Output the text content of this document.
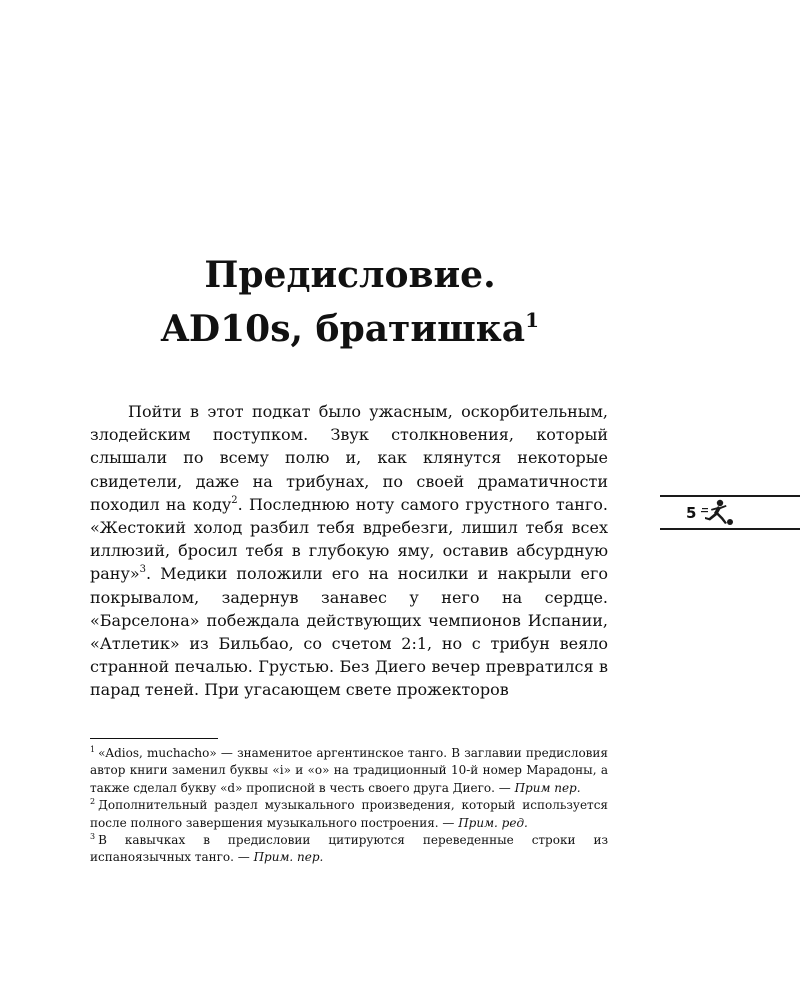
Предисловие.
AD10s, братишка$^1$

Пойти в этот подкат было ужасным, оскорбительным, злодейским поступком. Звук столкновения, который слышали по всему полю и, как клянутся некоторые свидетели, даже на трибунах, по своей драматичности походил на коду$^2$. Последнюю ноту самого грустного танго. «Жестокий холод разбил тебя вдребезги, лишил тебя всех иллюзий, бросил тебя в глубокую яму, оставив абсурдную рану»$^3$. Медики положили его на носилки и накрыли его покрывалом, задернув занавес у него на сердце. «Барселона» побеждала действующих чемпионов Испании, «Атлетик» из Бильбао, со счетом 2:1, но с трибун веяло странной печалью. Грустью. Без Диего вечер превратился в парад теней. При угасающем свете прожекторов

$^1$ «Adios, muchacho» — знаменитое аргентинское танго. В заглавии предисловия автор книги заменил буквы «i» и «o» на традиционный 10-й номер Марадоны, а также сделал букву «d» прописной в честь своего друга Диего. — Прим пер.

$^2$ Дополнительный раздел музыкального произведения, который используется после полного завершения музыкального построения. — Прим. ред.

$^3$ В кавычках в предисловии цитируются переведенные строки из испаноязычных танго. — Прим. пер.

5
